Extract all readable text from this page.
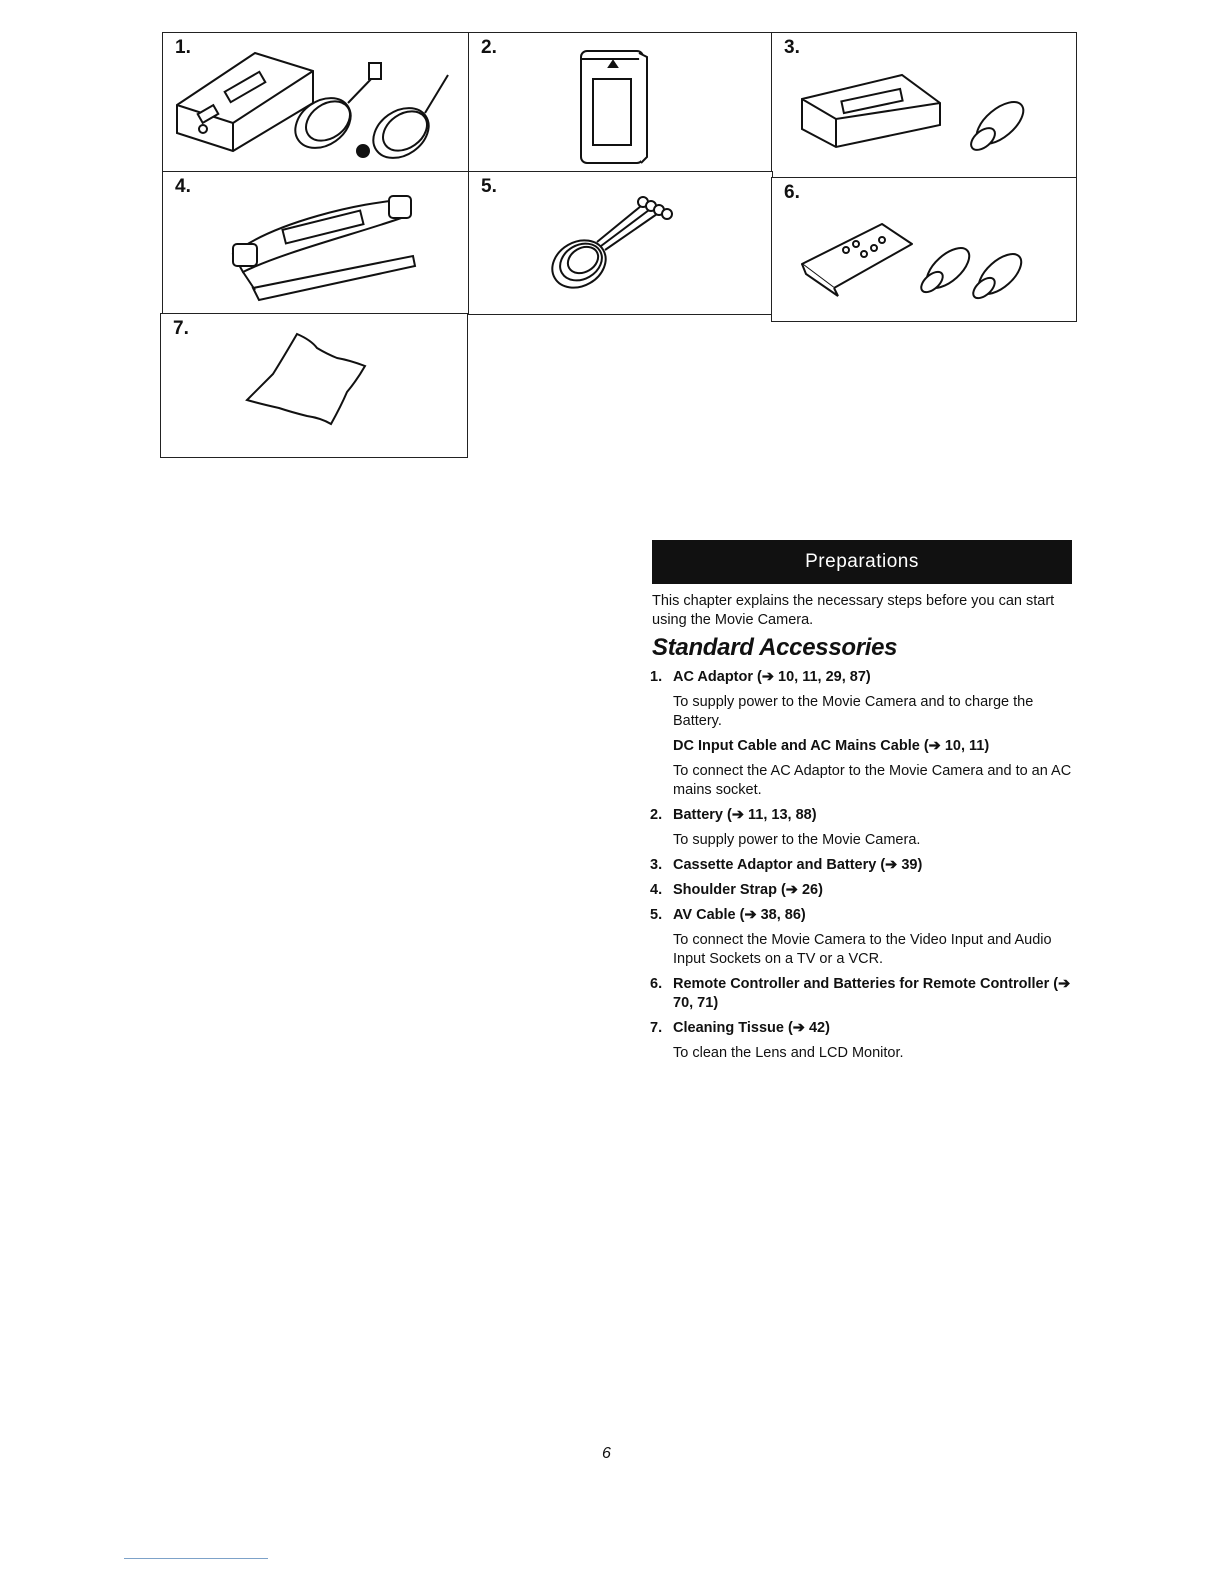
1.	2.	3.
4.	5.	6.
7.
Preparations
This chapter explains the necessary steps before you can start using the Movie Camera.
Standard Accessories
1. AC Adaptor (➔ 10, 11, 29, 87)
To supply power to the Movie Camera and to charge the Battery.
DC Input Cable and AC Mains Cable (➔ 10, 11)
To connect the AC Adaptor to the Movie Camera and to an AC mains socket.
2. Battery (➔ 11, 13, 88)
To supply power to the Movie Camera.
3. Cassette Adaptor and Battery (➔ 39)
4. Shoulder Strap (➔ 26)
5. AV Cable (➔ 38, 86)
To connect the Movie Camera to the Video Input and Audio Input Sockets on a TV or a VCR.
6. Remote Controller and Batteries for Remote Controller (➔ 70, 71)
7. Cleaning Tissue (➔ 42)
To clean the Lens and LCD Monitor.
6
